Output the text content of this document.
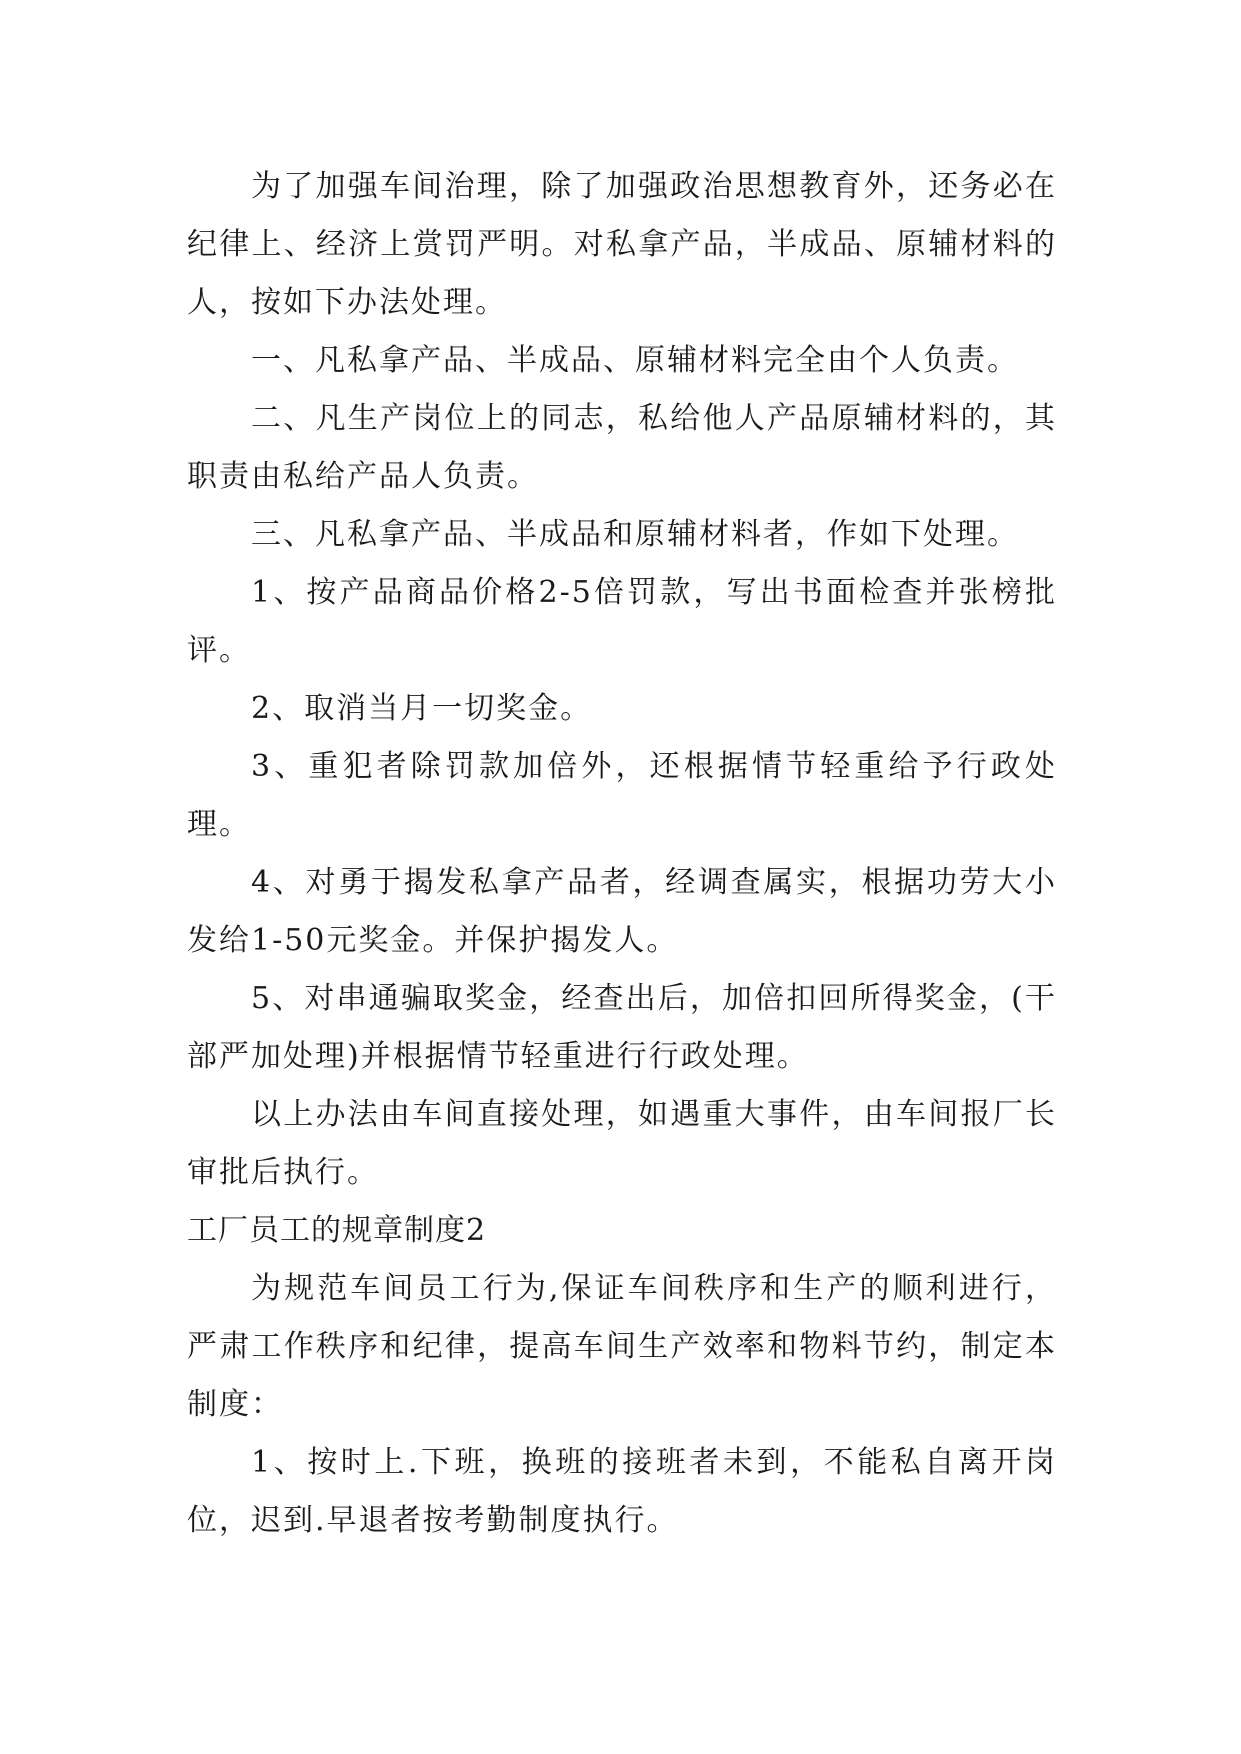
为了加强车间治理，除了加强政治思想教育外，还务必在纪律上、经济上赏罚严明。对私拿产品，半成品、原辅材料的人，按如下办法处理。

一、凡私拿产品、半成品、原辅材料完全由个人负责。

二、凡生产岗位上的同志，私给他人产品原辅材料的，其职责由私给产品人负责。

三、凡私拿产品、半成品和原辅材料者，作如下处理。

1、按产品商品价格2-5倍罚款，写出书面检查并张榜批评。

2、取消当月一切奖金。

3、重犯者除罚款加倍外，还根据情节轻重给予行政处理。

4、对勇于揭发私拿产品者，经调查属实，根据功劳大小发给1-50元奖金。并保护揭发人。

5、对串通骗取奖金，经查出后，加倍扣回所得奖金，(干部严加处理)并根据情节轻重进行行政处理。

以上办法由车间直接处理，如遇重大事件，由车间报厂长审批后执行。

工厂员工的规章制度2

为规范车间员工行为,保证车间秩序和生产的顺利进行，严肃工作秩序和纪律，提高车间生产效率和物料节约，制定本制度：

1、按时上.下班，换班的接班者未到，不能私自离开岗位，迟到.早退者按考勤制度执行。
